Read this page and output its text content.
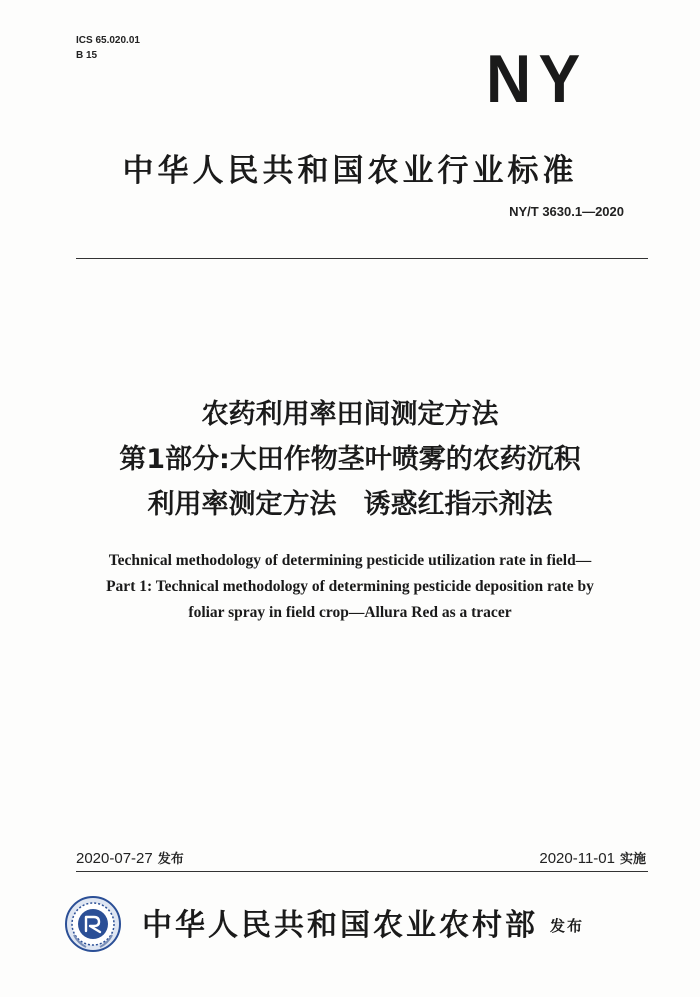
ICS 65.020.01
B 15	NY
中华人民共和国农业行业标准
NY/T 3630.1—2020
农药利用率田间测定方法
第1部分:大田作物茎叶喷雾的农药沉积
利用率测定方法　诱惑红指示剂法
Technical methodology of determining pesticide utilization rate in field—
Part 1: Technical methodology of determining pesticide deposition rate by
foliar spray in field crop—Allura Red as a tracer
2020-07-27 发布	2020-11-01 实施
中华人民共和国农业农村部 发布
